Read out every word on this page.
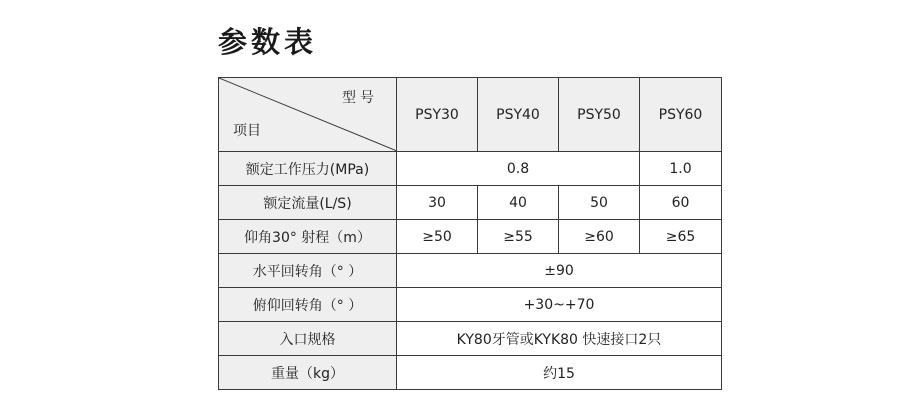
参数表
型号
项目	PSY30	PSY40	PSY50	PSY60
额定工作压力(MPa)	0.8			1.0
额定流量(L/S)	30	40	50	60
仰角30° 射程（m）	≥50	≥55	≥60	≥65
水平回转角（° ）	±90			
俯仰回转角（° ）	+30~+70			
入口规格	KY80牙管或KYK80 快速接口2只			
重量（kg）	约15			
